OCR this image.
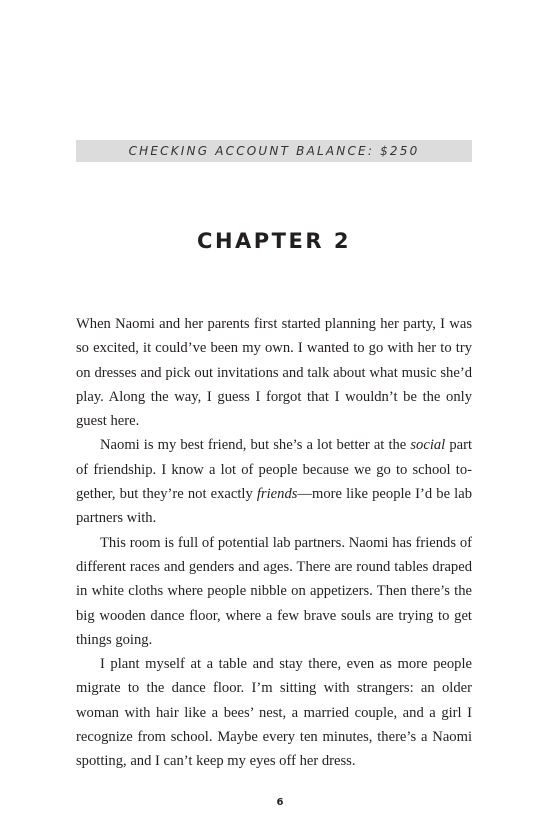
CHECKING ACCOUNT BALANCE: $250
CHAPTER 2

When Naomi and her parents first started planning her party, I was so excited, it could’ve been my own. I wanted to go with her to try on dresses and pick out invitations and talk about what music she’d play. Along the way, I guess I forgot that I wouldn’t be the only guest here.

Naomi is my best friend, but she’s a lot better at the social part of friendship. I know a lot of people because we go to school to-gether, but they’re not exactly friends—more like people I’d be lab partners with.

This room is full of potential lab partners. Naomi has friends of different races and genders and ages. There are round tables draped in white cloths where people nibble on appetizers. Then there’s the big wooden dance floor, where a few brave souls are trying to get things going.

I plant myself at a table and stay there, even as more people migrate to the dance floor. I’m sitting with strangers: an older woman with hair like a bees’ nest, a married couple, and a girl I recognize from school. Maybe every ten minutes, there’s a Naomi spotting, and I can’t keep my eyes off her dress.

6
